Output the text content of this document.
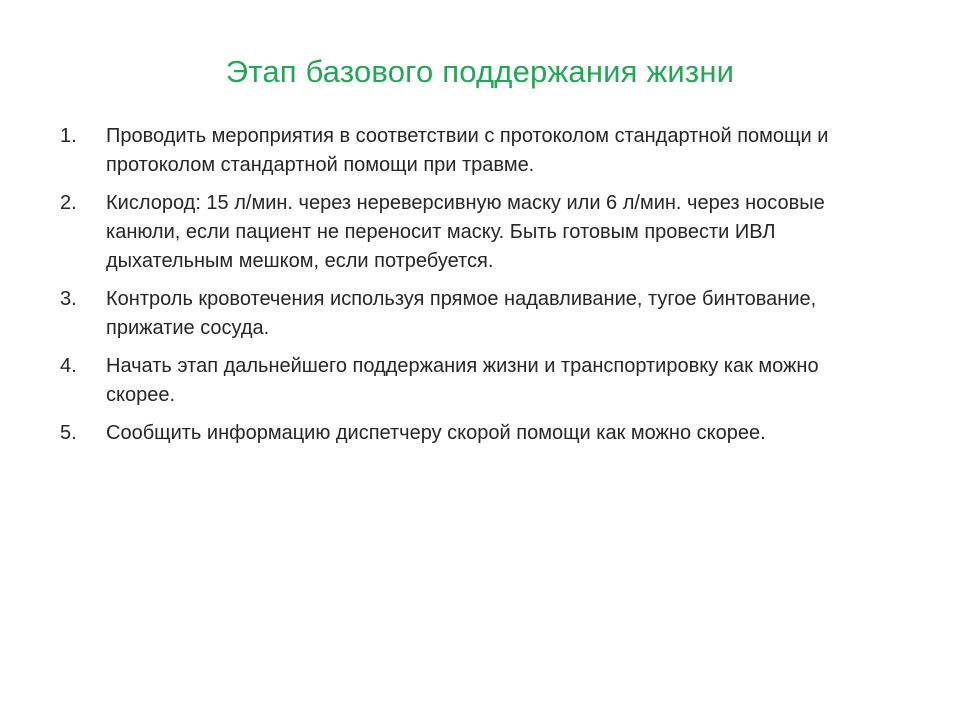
Этап базового поддержания жизни
1.	Проводить мероприятия в соответствии с протоколом стандартной помощи и протоколом стандартной помощи при травме.
2.	Кислород: 15 л/мин. через нереверсивную маску или 6 л/мин. через носовые канюли, если пациент не переносит маску. Быть готовым провести ИВЛ дыхательным мешком, если потребуется.
3.	Контроль кровотечения используя прямое надавливание, тугое бинтование, прижатие сосуда.
4.	Начать этап дальнейшего поддержания жизни и транспортировку как можно скорее.
5.	Сообщить информацию диспетчеру скорой помощи как можно скорее.
